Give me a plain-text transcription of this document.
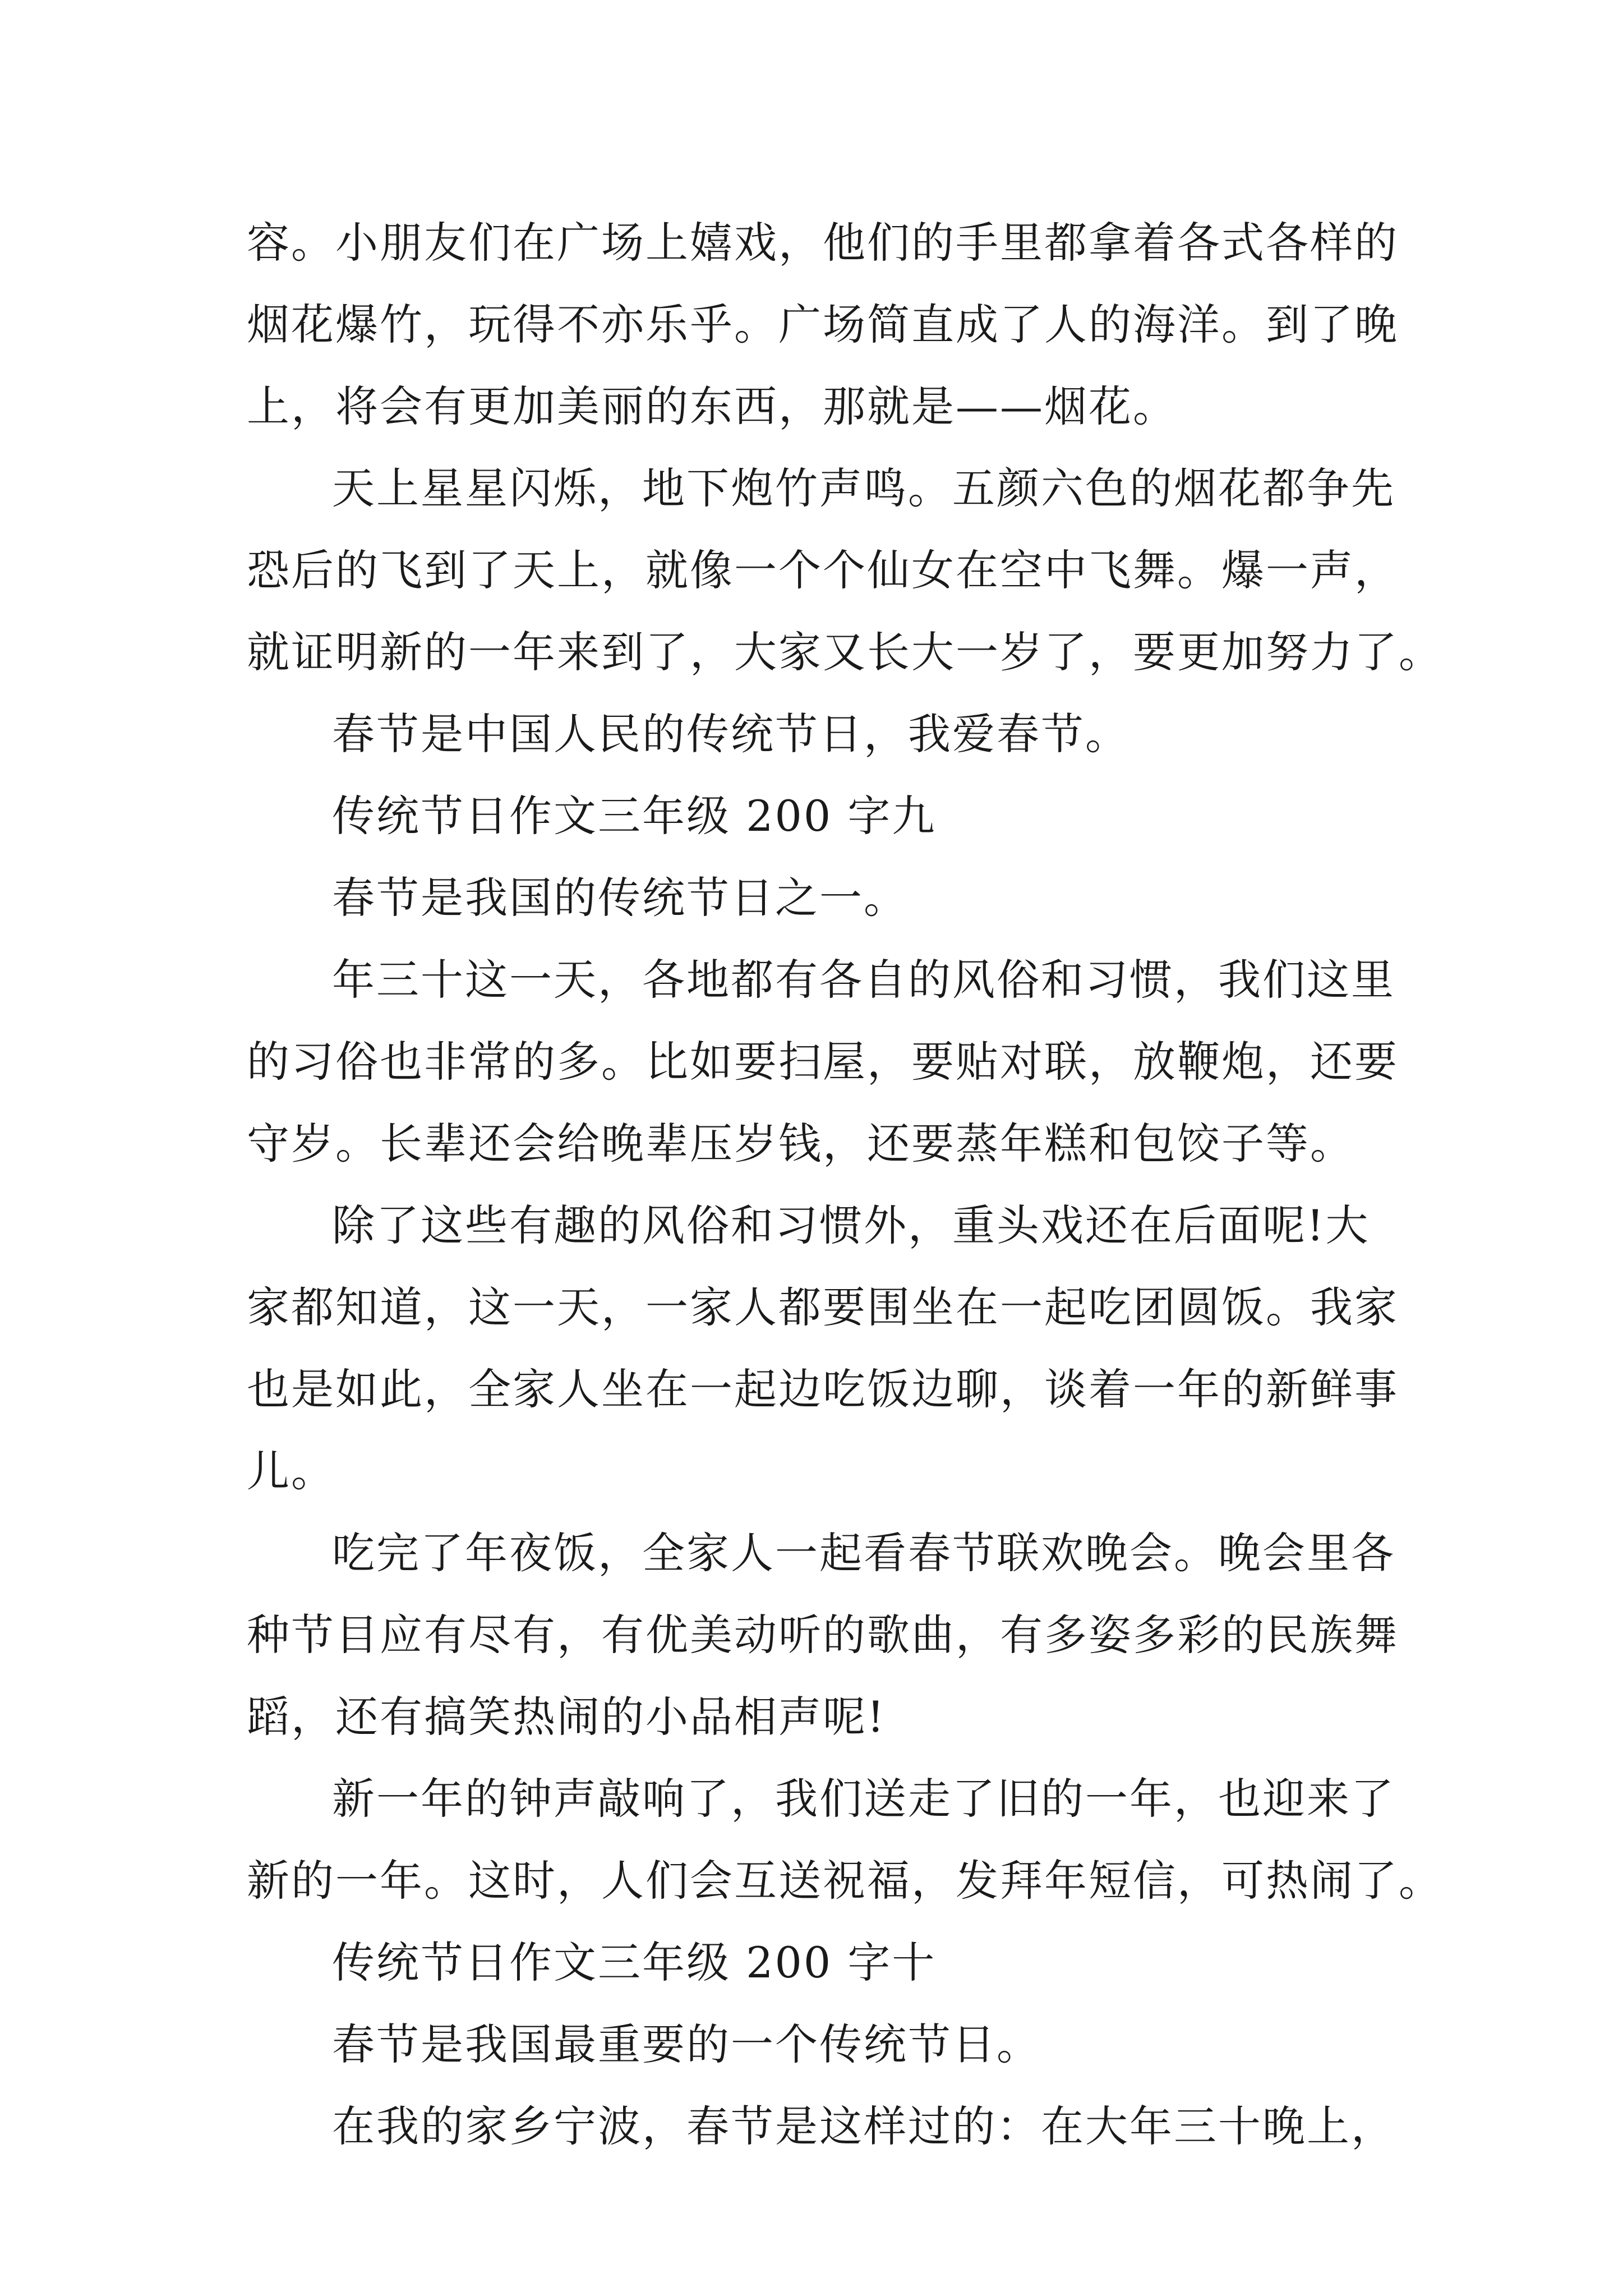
容。小朋友们在广场上嬉戏，他们的手里都拿着各式各样的
烟花爆竹，玩得不亦乐乎。广场简直成了人的海洋。到了晚
上，将会有更加美丽的东西，那就是——烟花。
天上星星闪烁，地下炮竹声鸣。五颜六色的烟花都争先
恐后的飞到了天上，就像一个个仙女在空中飞舞。爆一声，
就证明新的一年来到了，大家又长大一岁了，要更加努力了。
春节是中国人民的传统节日，我爱春节。
传统节日作文三年级 200 字九
春节是我国的传统节日之一。
年三十这一天，各地都有各自的风俗和习惯，我们这里
的习俗也非常的多。比如要扫屋，要贴对联，放鞭炮，还要
守岁。长辈还会给晚辈压岁钱，还要蒸年糕和包饺子等。
除了这些有趣的风俗和习惯外，重头戏还在后面呢!大
家都知道，这一天，一家人都要围坐在一起吃团圆饭。我家
也是如此，全家人坐在一起边吃饭边聊，谈着一年的新鲜事
儿。
吃完了年夜饭，全家人一起看春节联欢晚会。晚会里各
种节目应有尽有，有优美动听的歌曲，有多姿多彩的民族舞
蹈，还有搞笑热闹的小品相声呢!
新一年的钟声敲响了，我们送走了旧的一年，也迎来了
新的一年。这时，人们会互送祝福，发拜年短信，可热闹了。
传统节日作文三年级 200 字十
春节是我国最重要的一个传统节日。
在我的家乡宁波，春节是这样过的：在大年三十晚上，
